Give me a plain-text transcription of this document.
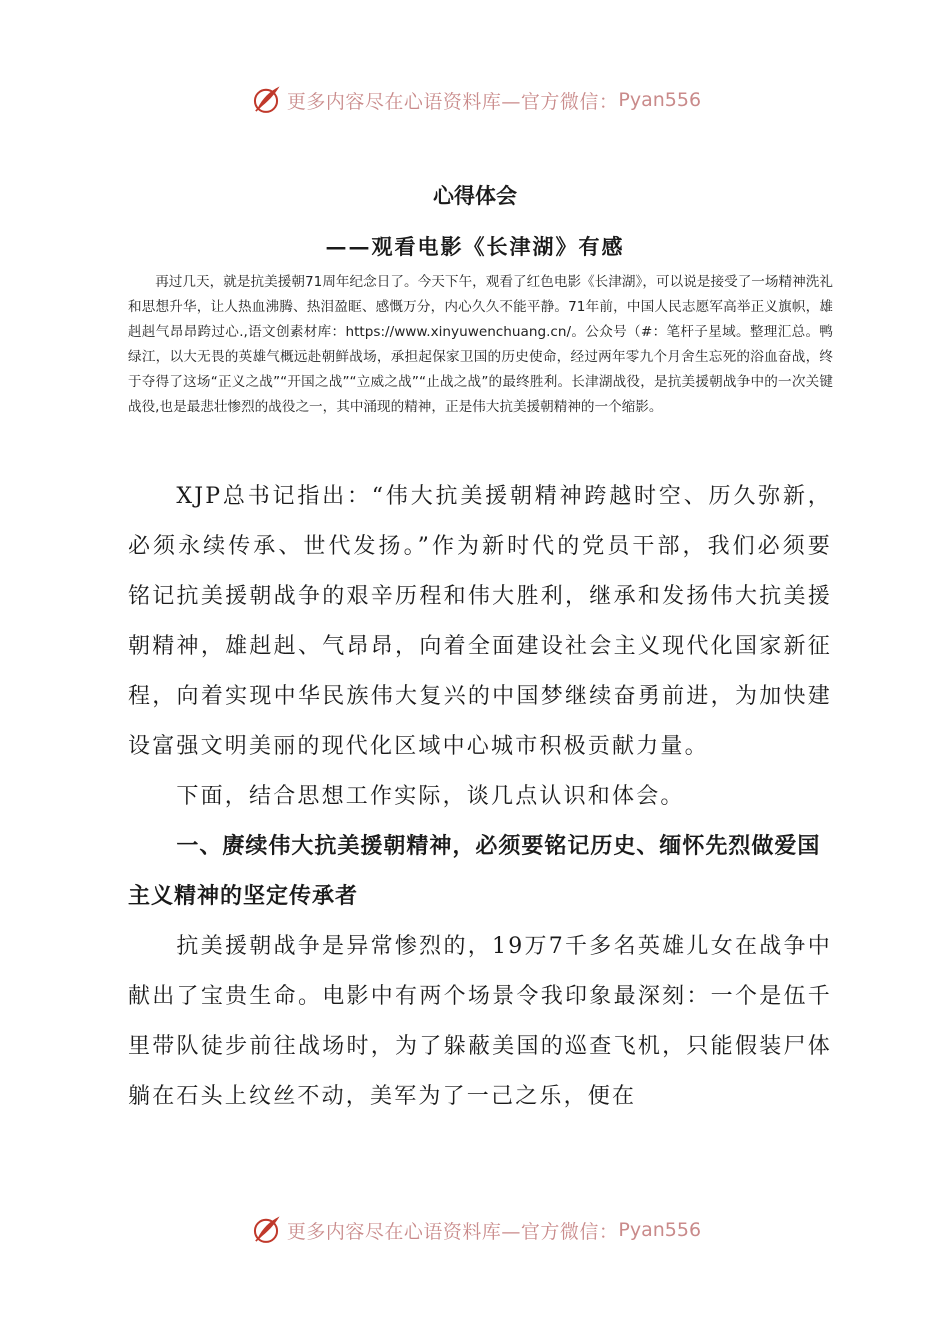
更多内容尽在心语资料库—官方微信： Pyan556
心得体会
——观看电影《长津湖》有感

再过几天，就是抗美援朝71周年纪念日了。今天下午，观看了红色电影《长津湖》，可以说是接受了一场精神洗礼和思想升华，让人热血沸腾、热泪盈眶、感慨万分，内心久久不能平静。71年前，中国人民志愿军高举正义旗帜，雄赳赳气昂昂跨过心.,语文创素材库：https://www.xinyuwenchuang.cn/。公众号（#：笔杆子星域。整理汇总。鸭绿江，以大无畏的英雄气概远赴朝鲜战场，承担起保家卫国的历史使命，经过两年零九个月舍生忘死的浴血奋战，终于夺得了这场“正义之战”“开国之战”“立威之战”“止战之战”的最终胜利。长津湖战役，是抗美援朝战争中的一次关键战役,也是最悲壮惨烈的战役之一，其中涌现的精神，正是伟大抗美援朝精神的一个缩影。

XJP总书记指出：“伟大抗美援朝精神跨越时空、历久弥新，必须永续传承、世代发扬。”作为新时代的党员干部，我们必须要铭记抗美援朝战争的艰辛历程和伟大胜利，继承和发扬伟大抗美援朝精神，雄赳赳、气昂昂，向着全面建设社会主义现代化国家新征程，向着实现中华民族伟大复兴的中国梦继续奋勇前进，为加快建设富强文明美丽的现代化区域中心城市积极贡献力量。

下面，结合思想工作实际，谈几点认识和体会。

一、赓续伟大抗美援朝精神，必须要铭记历史、缅怀先烈做爱国主义精神的坚定传承者

抗美援朝战争是异常惨烈的，19万7千多名英雄儿女在战争中献出了宝贵生命。电影中有两个场景令我印象最深刻：一个是伍千里带队徒步前往战场时，为了躲蔽美国的巡查飞机，只能假装尸体躺在石头上纹丝不动，美军为了一己之乐，便在

更多内容尽在心语资料库—官方微信： Pyan556
